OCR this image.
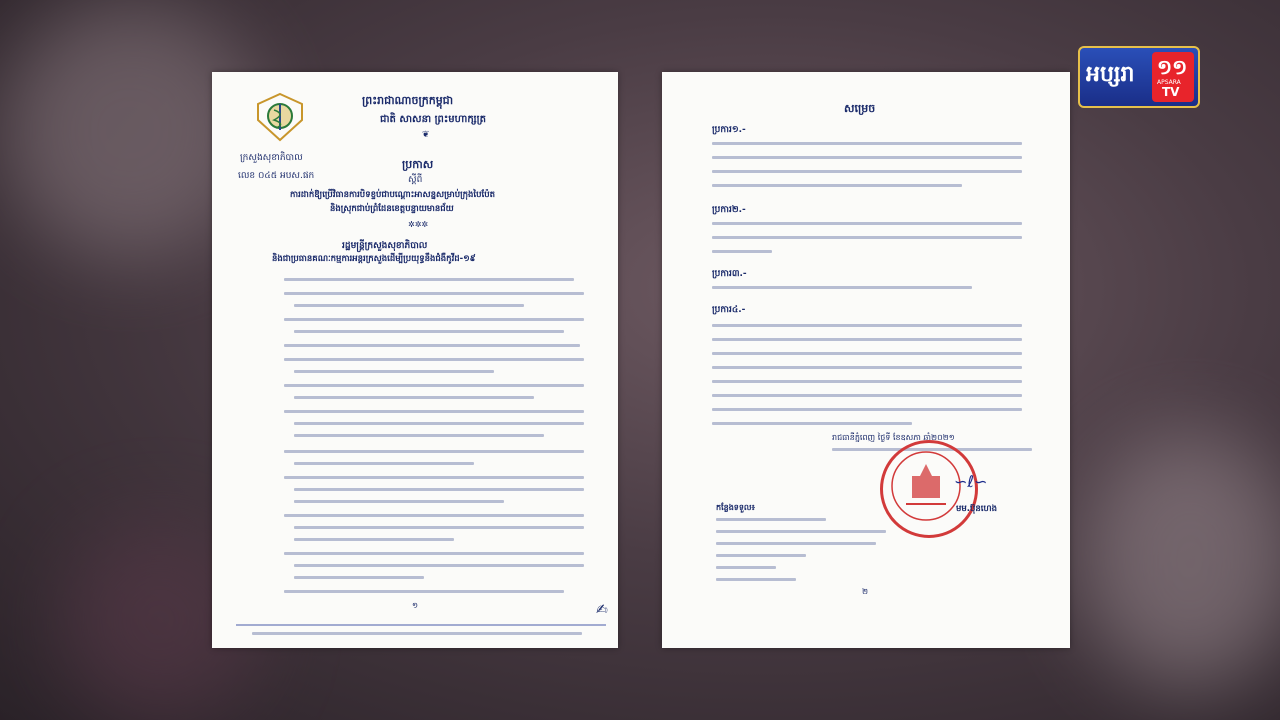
ក្រសួងសុខាភិបាល
លេខ ០៤៥ អបស.ផក
ព្រះរាជាណាចក្រកម្ពុជា
ជាតិ សាសនា ព្រះមហាក្សត្រ
❦
ប្រកាស
ស្តីពី
ការដាក់ឱ្យប្រើវិធានការបិទខ្ទប់ជាបណ្តោះអាសន្នសម្រាប់ក្រុងបៃប៉ែត
និងស្រុកជាប់ព្រំដែនខេត្តបន្ទាយមានជ័យ
✲✲✲
រដ្ឋមន្ត្រីក្រសួងសុខាភិបាល
និងជាប្រធានគណៈកម្មការអន្តរក្រសួងដើម្បីប្រយុទ្ធនឹងជំងឺកូវីដ-១៩
១	✍
សម្រេច
ប្រការ១.-
ប្រការ២.-
ប្រការ៣.-
ប្រការ៤.-
រាជធានីភ្នំពេញ ថ្ងៃទី ខែឧសភា ឆ្នាំ២០២១
∽ℓ∽
មម.ប៊ុនហេង
កន្លែងទទួល៖
២
អប្សរា ១១
APSARA
TV
